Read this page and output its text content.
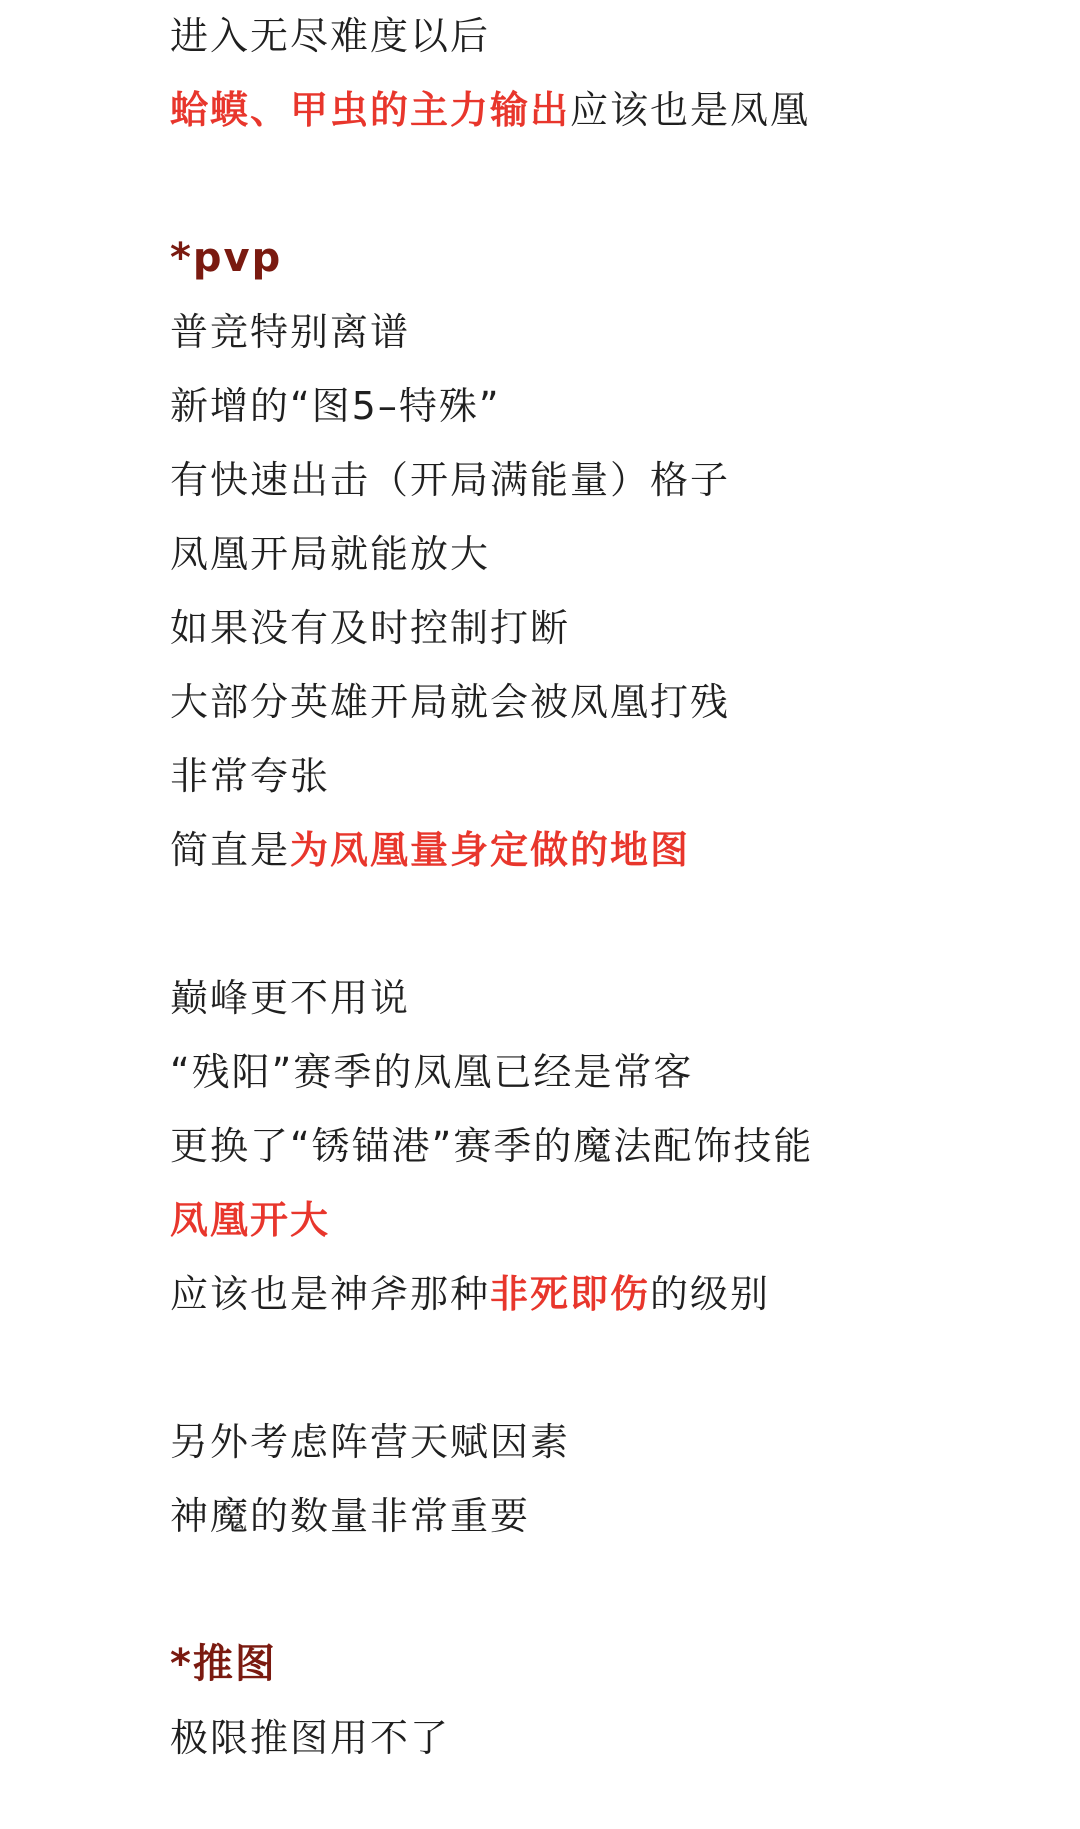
进入无尽难度以后
蛤蟆、甲虫的主力输出应该也是凤凰
*pvp
普竞特别离谱
新增的“图5–特殊”
有快速出击（开局满能量）格子
凤凰开局就能放大
如果没有及时控制打断
大部分英雄开局就会被凤凰打残
非常夸张
简直是为凤凰量身定做的地图
巅峰更不用说
“残阳”赛季的凤凰已经是常客
更换了“锈锚港”赛季的魔法配饰技能
凤凰开大
应该也是神斧那种非死即伤的级别
另外考虑阵营天赋因素
神魔的数量非常重要
*推图
极限推图用不了
